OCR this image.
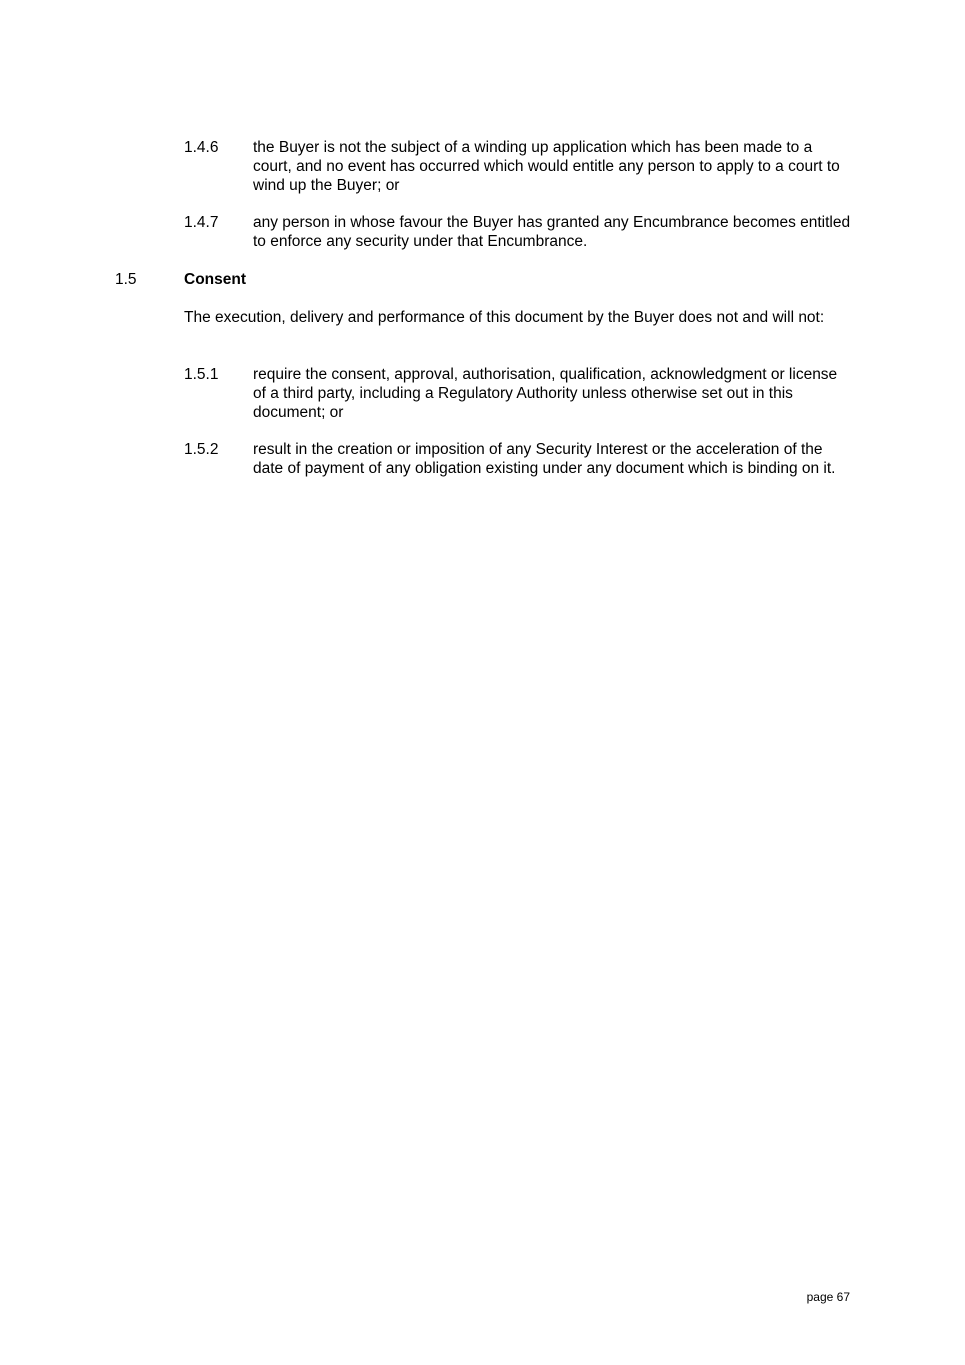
1.4.6 the Buyer is not the subject of a winding up application which has been made to a court, and no event has occurred which would entitle any person to apply to a court to wind up the Buyer; or
1.4.7 any person in whose favour the Buyer has granted any Encumbrance becomes entitled to enforce any security under that Encumbrance.
1.5	Consent
The execution, delivery and performance of this document by the Buyer does not and will not:
1.5.1 require the consent, approval, authorisation, qualification, acknowledgment or license of a third party, including a Regulatory Authority unless otherwise set out in this document; or
1.5.2 result in the creation or imposition of any Security Interest or the acceleration of the date of payment of any obligation existing under any document which is binding on it.
page 67
